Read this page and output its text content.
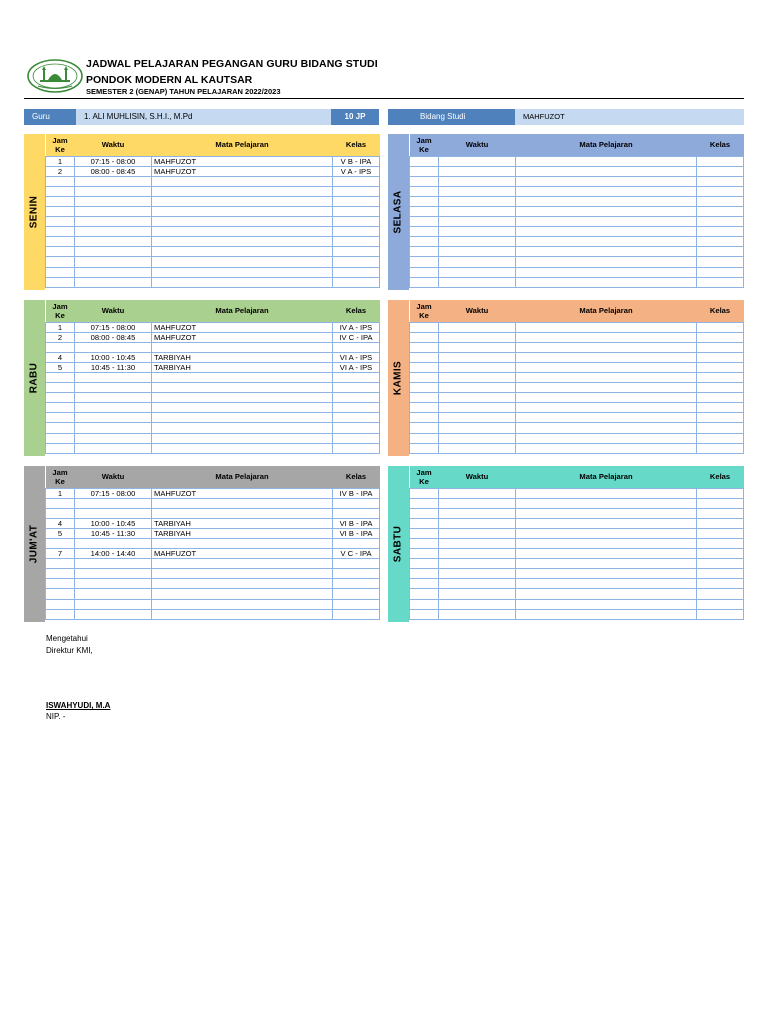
JADWAL PELAJARAN PEGANGAN GURU BIDANG STUDI
PONDOK MODERN AL KAUTSAR
SEMESTER 2 (GENAP) TAHUN PELAJARAN 2022/2023
Guru	1. ALI MUHLISIN, S.H.I., M.Pd	10 JP	Bidang Studi	MAHFUZOT
SENIN
Jam Ke	Waktu	Mata Pelajaran	Kelas
1	07:15 - 08:00	MAHFUZOT	V B - IPA
2	08:00 - 08:45	MAHFUZOT	V A - IPS

SELASA
Jam Ke	Waktu	Mata Pelajaran	Kelas

RABU
Jam Ke	Waktu	Mata Pelajaran	Kelas
1	07:15 - 08:00	MAHFUZOT	IV A - IPS
2	08:00 - 08:45	MAHFUZOT	IV C - IPA

4	10:00 - 10:45	TARBIYAH	VI A - IPS
5	10:45 - 11:30	TARBIYAH	VI A - IPS

			KAMIS
Jam Ke	Waktu	Mata Pelajaran	Kelas

JUM'AT
Jam Ke	Waktu	Mata Pelajaran	Kelas
1	07:15 - 08:00	MAHFUZOT	IV B - IPA

4	10:00 - 10:45	TARBIYAH	VI B - IPA
5	10:45 - 11:30	TARBIYAH	VI B - IPA

7	14:00 - 14:40	MAHFUZOT	V C - IPA

			SABTU
Jam Ke	Waktu	Mata Pelajaran	Kelas

Mengetahui
Direktur KMI,
ISWAHYUDI, M.A
NIP. -
